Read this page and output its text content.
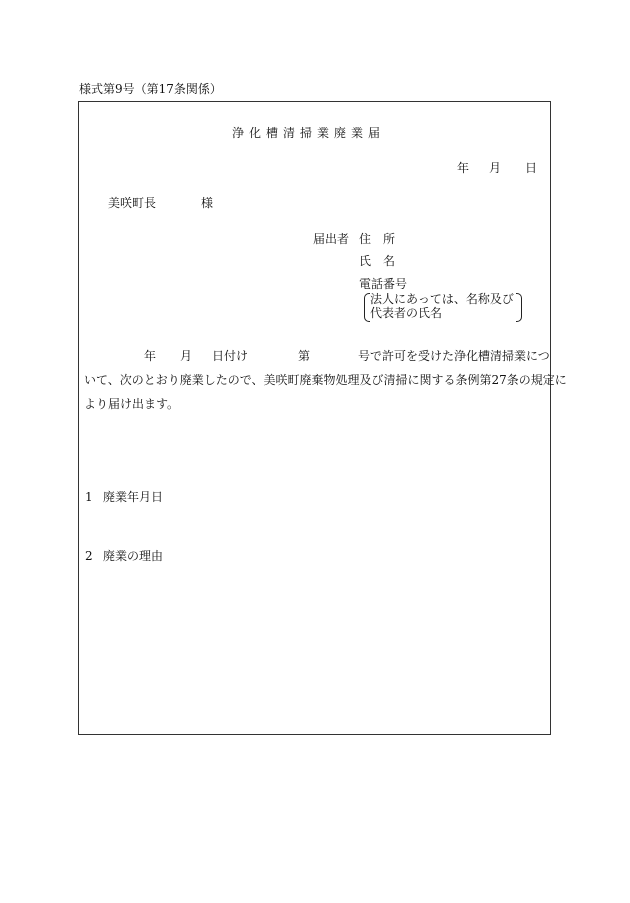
様式第9号（第17条関係）
浄化槽清掃業廃業届
年 月 日
美咲町長	様
届出者 住　所
氏　名
電話番号
法人にあっては、名称及び
代表者の氏名
年 月 日付け	第	号で許可を受けた浄化槽清掃業につ
いて、次のとおり廃業したので、美咲町廃棄物処理及び清掃に関する条例第27条の規定に
より届け出ます。
1 廃業年月日
2 廃業の理由
